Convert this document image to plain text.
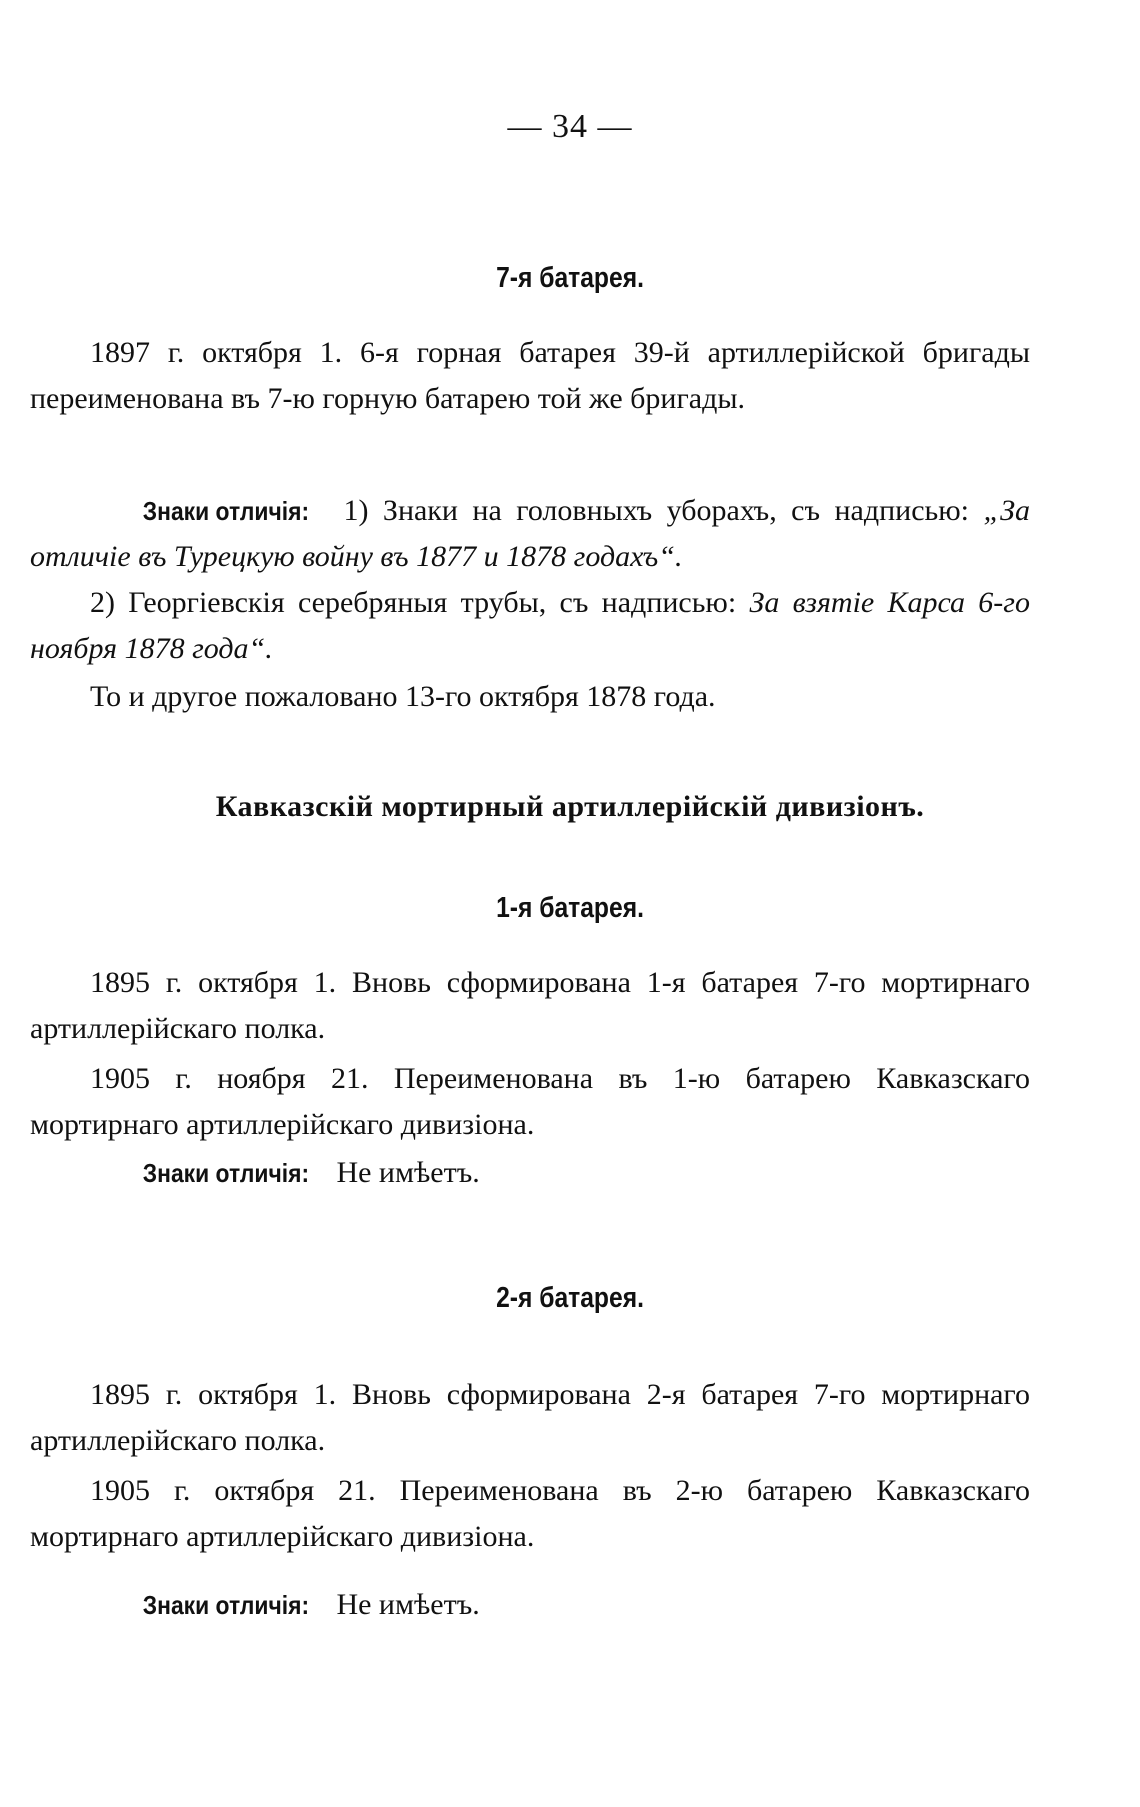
— 34 —
7-я батарея.
1897 г. октября 1. 6-я горная батарея 39-й артиллерійской бригады переименована въ 7-ю горную батарею той же бригады.
Знаки отличія: 1) Знаки на головныхъ уборахъ, съ надписью: „За отличіе въ Турецкую войну въ 1877 и 1878 годахъ“.
2) Георгіевскія серебряныя трубы, съ надписью: За взятіе Карса 6-го ноября 1878 года“.
То и другое пожаловано 13-го октября 1878 года.
Кавказскій мортирный артиллерійскій дивизіонъ.
1-я батарея.
1895 г. октября 1. Вновь сформирована 1-я батарея 7-го мортирнаго артиллерійскаго полка.
1905 г. ноября 21. Переименована въ 1-ю батарею Кавказскаго мортирнаго артиллерійскаго дивизіона.
Знаки отличія: Не имѣетъ.
2-я батарея.
1895 г. октября 1. Вновь сформирована 2-я батарея 7-го мортирнаго артиллерійскаго полка.
1905 г. октября 21. Переименована въ 2-ю батарею Кавказскаго мортирнаго артиллерійскаго дивизіона.
Знаки отличія: Не имѣетъ.
